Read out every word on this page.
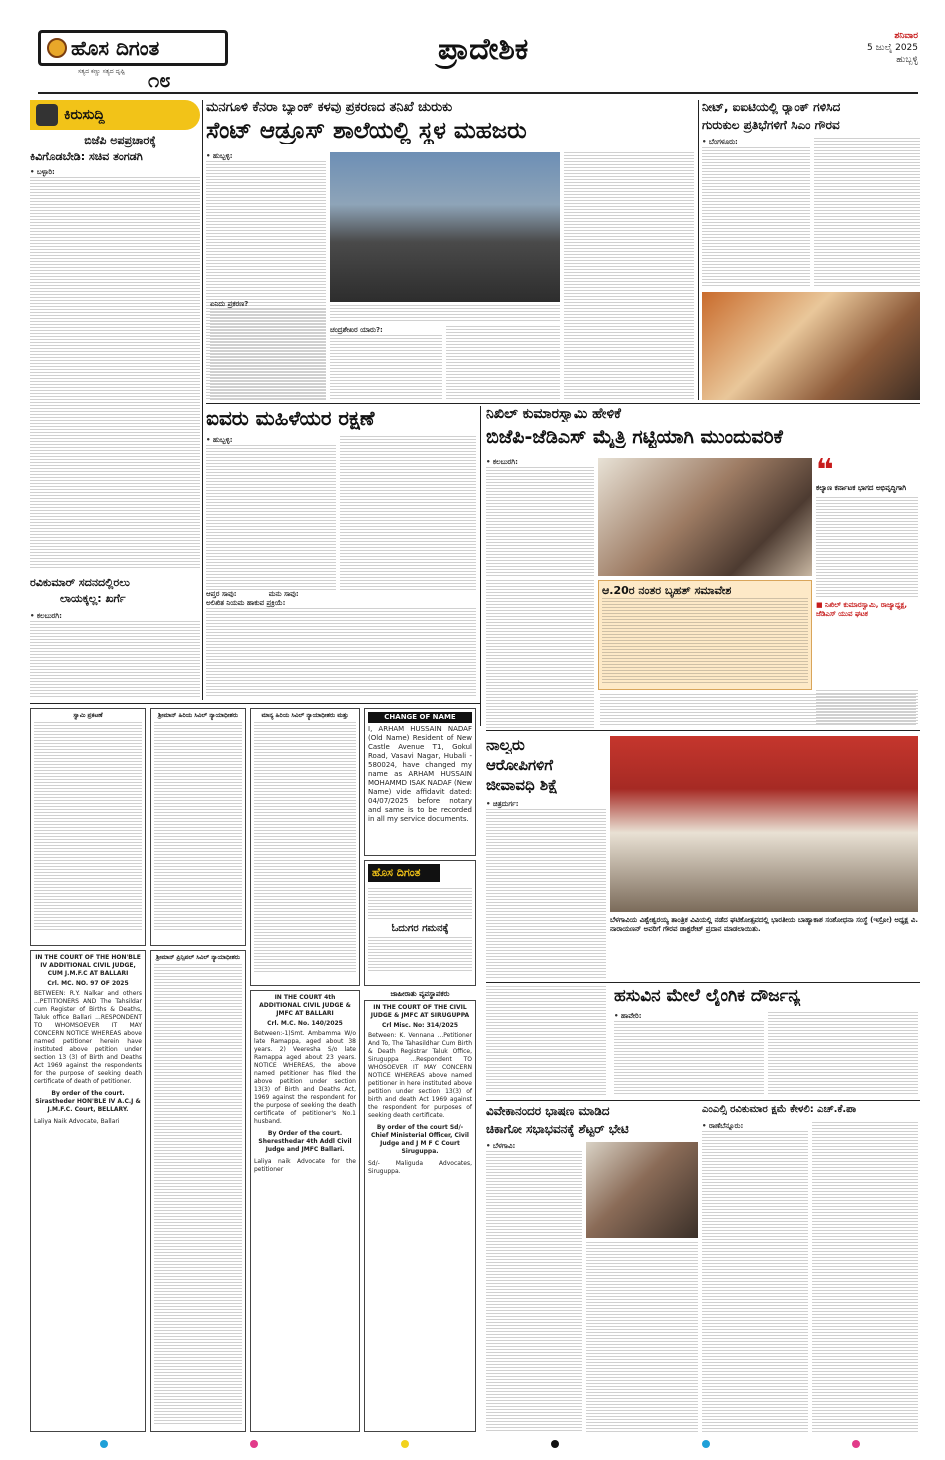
ಹೊಸ ದಿಗಂತ
ಸತ್ಯದ ಕಣ್ಣು ಸತ್ಯದ ದೃಷ್ಟಿ ೧೮
ಪ್ರಾದೇಶಿಕ	ಶನಿವಾರ
5 ಜುಲೈ 2025
ಹುಬ್ಬಳ್ಳಿ
ಕಿರುಸುದ್ದಿ
ಬಿಜೆಪಿ ಅಪಪ್ರಚಾರಕ್ಕೆ
ಕಿವಿಗೊಡಬೇಡಿ: ಸಚಿವ ತಂಗಡಗಿ
• ಬಳ್ಳಾರಿ:
ರವಿಕುಮಾರ್ ಸದನದಲ್ಲಿರಲು
ಲಾಯಕ್ಕಲ್ಲ: ಖರ್ಗೆ
• ಕಲಬುರಗಿ:
ಮನಗೂಳಿ ಕೆನರಾ ಬ್ಯಾಂಕ್ ಕಳವು ಪ್ರಕರಣದ ತನಿಖೆ ಚುರುಕು
ಸೆಂಟ್ ಆಡ್ರೂಸ್ ಶಾಲೆಯಲ್ಲಿ ಸ್ಥಳ ಮಹಜರು
• ಹುಬ್ಬಳ್ಳಿ:
ಏನಿದು ಪ್ರಕರಣ?
ಚಂದ್ರಶೇಖರ ಯಾರು?:
ನೀಟ್, ಐಐಟಿಯಲ್ಲಿ ರ್‍ಯಾಂಕ್ ಗಳಿಸಿದ
ಗುರುಕುಲ ಪ್ರತಿಭೆಗಳಿಗೆ ಸಿಎಂ ಗೌರವ
• ಬೆಂಗಳೂರು:
ಐವರು ಮಹಿಳೆಯರ ರಕ್ಷಣೆ
• ಹುಬ್ಬಳ್ಳಿ:
ಆಪ್ತರ ಸಾವು:	ಮನು ಸಾವು:
ಅಲಿಖಿತ ನಿಯಮ ಹಾಕುವ ಪ್ರಕ್ರಿಯೆ:
ನಿಖಿಲ್ ಕುಮಾರಸ್ವಾಮಿ ಹೇಳಿಕೆ
ಬಿಜೆಪಿ-ಜೆಡಿಎಸ್ ಮೈತ್ರಿ ಗಟ್ಟಿಯಾಗಿ ಮುಂದುವರಿಕೆ
• ಕಲಬುರಗಿ:	❝
ಕಲ್ಯಾಣ ಕರ್ನಾಟಕ ಭಾಗದ ಅಭಿವೃದ್ಧಿಗಾಗಿ
■ ನಿಖಿಲ್ ಕುಮಾರಸ್ವಾಮಿ, ರಾಜ್ಯಾಧ್ಯಕ್ಷ, ಜೆಡಿಎಸ್ ಯುವ ಘಟಕ
ಆ.20ರ ನಂತರ ಬೃಹತ್ ಸಮಾವೇಶ
ನಾಲ್ವರು
ಆರೋಪಿಗಳಿಗೆ
ಜೀವಾವಧಿ ಶಿಕ್ಷೆ
• ಚಿತ್ರದುರ್ಗ:
ಬೆಳಗಾವಿಯ ವಿಶ್ವೇಶ್ವರಯ್ಯ ತಾಂತ್ರಿಕ ವಿವಿಯಲ್ಲಿ ನಡೆದ ಘಟಿಕೋತ್ಸವದಲ್ಲಿ ಭಾರತೀಯ ಬಾಹ್ಯಾಕಾಶ ಸಂಶೋಧನಾ ಸಂಸ್ಥೆ (ಇಸ್ರೋ) ಅಧ್ಯಕ್ಷ ವಿ. ನಾರಾಯಣನ್ ಅವರಿಗೆ ಗೌರವ ಡಾಕ್ಟರೇಟ್ ಪ್ರದಾನ ಮಾಡಲಾಯಿತು.
ಹಸುವಿನ ಮೇಲೆ ಲೈಂಗಿಕ ದೌರ್ಜನ್ಯ
• ಹಾವೇರಿ:
ವಿವೇಕಾನಂದರ ಭಾಷಣ ಮಾಡಿದ
ಚಿಕಾಗೋ ಸಭಾಭವನಕ್ಕೆ ಶೆಟ್ಟರ್ ಭೇಟಿ
• ಬೆಳಗಾವಿ:
ಎಂಎಲ್ಸಿ ರವಿಕುಮಾರ ಕ್ಷಮೆ ಕೇಳಲಿ: ಎಚ್.ಕೆ.ಪಾ
• ರಾಣೆಬೆನ್ನೂರು:
ಸ್ವಾಮಿ ಪ್ರಕಟಣೆ	ಶ್ರೀಮಾನ್ ಹಿರಿಯ ಸಿವಿಲ್ ನ್ಯಾಯಾಧೀಶರು	ಮಾನ್ಯ ಹಿರಿಯ ಸಿವಿಲ್ ನ್ಯಾಯಾಧೀಶರು ಮತ್ತು	CHANGE OF NAME
I, ARHAM HUSSAIN NADAF (Old Name) Resident of New Castle Avenue T1, Gokul Road, Vasavi Nagar, Hubali - 580024, have changed my name as ARHAM HUSSAIN MOHAMMD ISAK NADAF (New Name) vide affidavit dated: 04/07/2025 before notary and same is to be recorded in all my service documents.
ಹೊಸ ದಿಗಂತ
ಓದುಗರ ಗಮನಕ್ಕೆ
ಜಾಹೀರಾತು ವ್ಯವಸ್ಥಾಪಕರು
ಶ್ರೀಮಾನ್ ಪ್ರಿನ್ಸಿಪಲ್ ಸಿವಿಲ್ ನ್ಯಾಯಾಧೀಶರು
IN THE COURT OF THE HON'BLE IV ADDITIONAL CIVIL JUDGE, CUM J.M.F.C AT BALLARI
Crl. MC. NO. 97 OF 2025
BETWEEN: R.Y. Nalkar and others ...PETITIONERS AND The Tahsildar cum Register of Births & Deaths, Taluk office Ballari ...RESPONDENT TO WHOMSOEVER IT MAY CONCERN NOTICE WHEREAS above named petitioner herein have instituted above petition under section 13 (3) of Birth and Deaths Act 1969 against the respondents for the purpose of seeking death certificate of death of petitioner.
By order of the court. Sirastheder HON'BLE IV A.C.J & J.M.F.C. Court, BELLARY.
Laliya Naik Advocate, Ballari
IN THE COURT 4th ADDITIONAL CIVIL JUDGE & JMFC AT BALLARI
Crl. M.C. No. 140/2025
Between:-1)Smt. Ambamma W/o late Ramappa, aged about 38 years. 2) Veeresha S/o late Ramappa aged about 23 years. NOTICE WHEREAS, the above named petitioner has filed the above petition under section 13(3) of Birth and Deaths Act, 1969 against the respondent for the purpose of seeking the death certificate of petitioner's No.1 husband.
By Order of the court. Sheresthedar 4th Addl Civil Judge and JMFC Ballari.
Laliya naik Advocate for the petitioner
IN THE COURT OF THE CIVIL JUDGE & JMFC AT SIRUGUPPA
Crl Misc. No: 314/2025
Between: K. Vennana ...Petitioner And To, The Tahasildhar Cum Birth & Death Registrar Taluk Office, Siruguppa ...Respondent TO WHOSOEVER IT MAY CONCERN NOTICE WHEREAS above named petitioner in here instituted above petition under section 13(3) of birth and death Act 1969 against the respondent for purposes of seeking death certificate.
By order of the court Sd/- Chief Ministerial Officer, Civil Judge and J M F C Court Siruguppa.
Sd/- Maliguda Advocates, Siruguppa.
